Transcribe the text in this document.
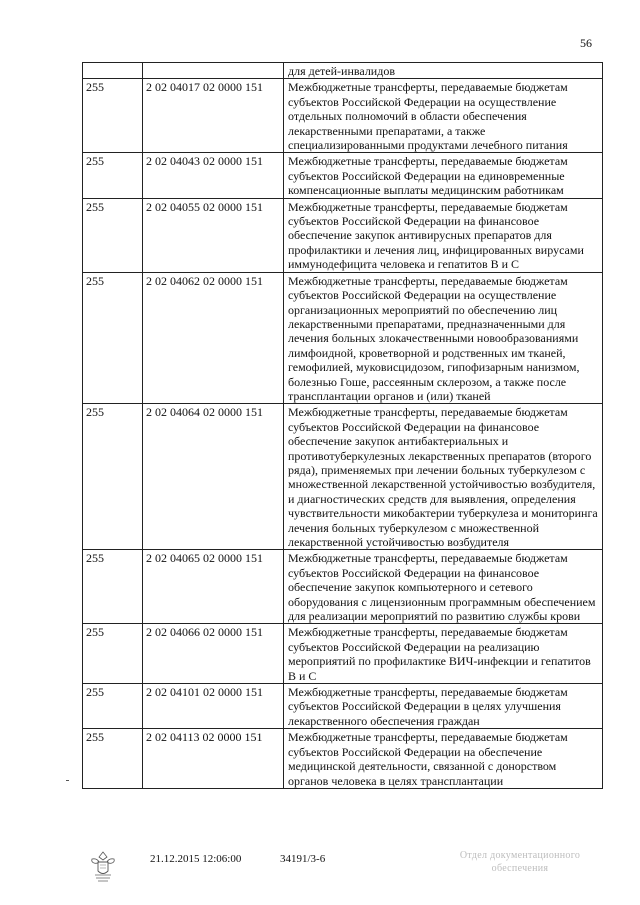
56
		для детей-инвалидов
255	2 02 04017 02 0000 151	Межбюджетные трансферты, передаваемые бюджетам субъектов Российской Федерации на осуществление отдельных полномочий в области обеспечения лекарственными препаратами, а также специализированными продуктами лечебного питания
255	2 02 04043 02 0000 151	Межбюджетные трансферты, передаваемые бюджетам субъектов Российской Федерации на единовременные компенсационные выплаты медицинским работникам
255	2 02 04055 02 0000 151	Межбюджетные трансферты, передаваемые бюджетам субъектов Российской Федерации на финансовое обеспечение закупок антивирусных препаратов для профилактики и лечения лиц, инфицированных вирусами иммунодефицита человека и гепатитов В и С
255	2 02 04062 02 0000 151	Межбюджетные трансферты, передаваемые бюджетам субъектов Российской Федерации на осуществление организационных мероприятий по обеспечению лиц лекарственными препаратами, предназначенными для лечения больных злокачественными новообразованиями лимфоидной, кроветворной и родственных им тканей, гемофилией, муковисцидозом, гипофизарным нанизмом, болезнью Гоше, рассеянным склерозом, а также после трансплантации органов и (или) тканей
255	2 02 04064 02 0000 151	Межбюджетные трансферты, передаваемые бюджетам субъектов Российской Федерации на финансовое обеспечение закупок антибактериальных и противотуберкулезных лекарственных препаратов (второго ряда), применяемых при лечении больных туберкулезом с множественной лекарственной устойчивостью возбудителя, и диагностических средств для выявления, определения чувствительности микобактерии туберкулеза и мониторинга лечения больных туберкулезом с множественной лекарственной устойчивостью возбудителя
255	2 02 04065 02 0000 151	Межбюджетные трансферты, передаваемые бюджетам субъектов Российской Федерации на финансовое обеспечение закупок компьютерного и сетевого оборудования с лицензионным программным обеспечением для реализации мероприятий по развитию службы крови
255	2 02 04066 02 0000 151	Межбюджетные трансферты, передаваемые бюджетам субъектов Российской Федерации на реализацию мероприятий по профилактике ВИЧ-инфекции и гепатитов В и С
255	2 02 04101 02 0000 151	Межбюджетные трансферты, передаваемые бюджетам субъектов Российской Федерации в целях улучшения лекарственного обеспечения граждан
255	2 02 04113 02 0000 151	Межбюджетные трансферты, передаваемые бюджетам субъектов Российской Федерации на обеспечение медицинской деятельности, связанной с донорством органов человека в целях трансплантации
21.12.2015 12:06:00	34191/3-6	Отдел документационного
обеспечения
